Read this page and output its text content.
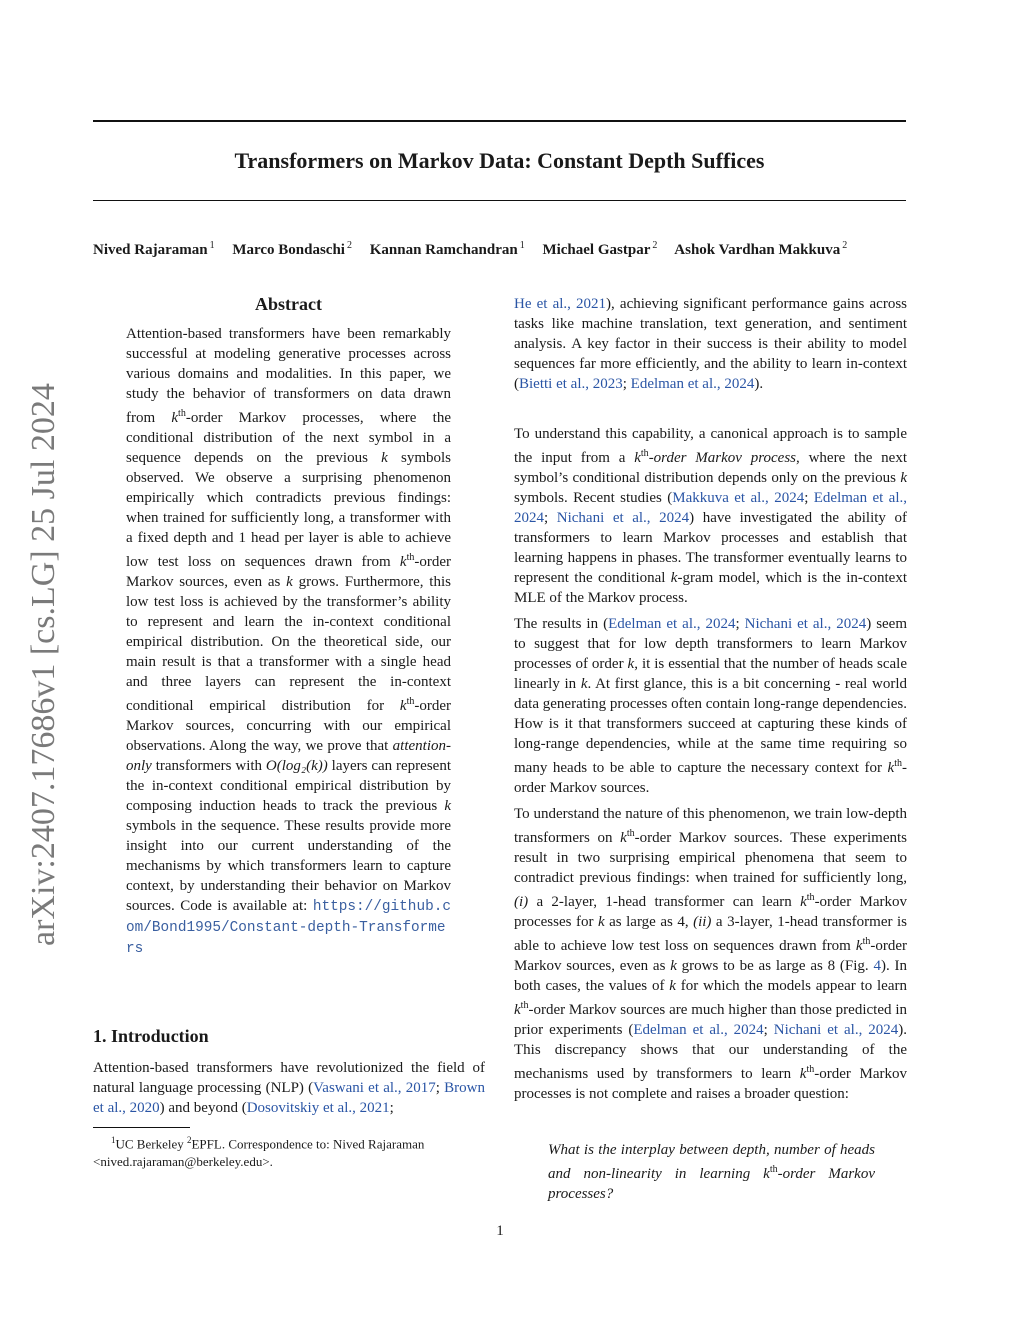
Transformers on Markov Data: Constant Depth Suffices
Nived Rajaraman $^1$ Marco Bondaschi $^2$ Kannan Ramchandran $^1$ Michael Gastpar $^2$ Ashok Vardhan Makkuva $^2$
arXiv:2407.17686v1 [cs.LG] 25 Jul 2024
Abstract

Attention-based transformers have been remarkably successful at modeling generative processes across various domains and modalities. In this paper, we study the behavior of transformers on data drawn from $k^{th}$-order Markov processes, where the conditional distribution of the next symbol in a sequence depends on the previous k symbols observed. We observe a surprising phenomenon empirically which contradicts previous findings: when trained for sufficiently long, a transformer with a fixed depth and 1 head per layer is able to achieve low test loss on sequences drawn from $k^{th}$-order Markov sources, even as k grows. Furthermore, this low test loss is achieved by the transformer’s ability to represent and learn the in-context conditional empirical distribution. On the theoretical side, our main result is that a transformer with a single head and three layers can represent the in-context conditional empirical distribution for $k^{th}$-order Markov sources, concurring with our empirical observations. Along the way, we prove that attention-only transformers with O(log₂(k)) layers can represent the in-context conditional empirical distribution by composing induction heads to track the previous k symbols in the sequence. These results provide more insight into our current understanding of the mechanisms by which transformers learn to capture context, by understanding their behavior on Markov sources. Code is available at: https://github.com/Bond1995/Constant-depth-Transformers

1. Introduction

Attention-based transformers have revolutionized the field of natural language processing (NLP) (Vaswani et al., 2017; Brown et al., 2020) and beyond (Dosovitskiy et al., 2021;

$^1$UC Berkeley $^2$EPFL. Correspondence to: Nived Rajaraman <nived.rajaraman@berkeley.edu>.

He et al., 2021), achieving significant performance gains across tasks like machine translation, text generation, and sentiment analysis. A key factor in their success is their ability to model sequences far more efficiently, and the ability to learn in-context (Bietti et al., 2023; Edelman et al., 2024).

To understand this capability, a canonical approach is to sample the input from a $k^{th}$-order Markov process, where the next symbol’s conditional distribution depends only on the previous k symbols. Recent studies (Makkuva et al., 2024; Edelman et al., 2024; Nichani et al., 2024) have investigated the ability of transformers to learn Markov processes and establish that learning happens in phases. The transformer eventually learns to represent the conditional k-gram model, which is the in-context MLE of the Markov process.

The results in (Edelman et al., 2024; Nichani et al., 2024) seem to suggest that for low depth transformers to learn Markov processes of order k, it is essential that the number of heads scale linearly in k. At first glance, this is a bit concerning - real world data generating processes often contain long-range dependencies. How is it that transformers succeed at capturing these kinds of long-range dependencies, while at the same time requiring so many heads to be able to capture the necessary context for $k^{th}$-order Markov sources.

To understand the nature of this phenomenon, we train low-depth transformers on $k^{th}$-order Markov sources. These experiments result in two surprising empirical phenomena that seem to contradict previous findings: when trained for sufficiently long, (i) a 2-layer, 1-head transformer can learn $k^{th}$-order Markov processes for k as large as 4, (ii) a 3-layer, 1-head transformer is able to achieve low test loss on sequences drawn from $k^{th}$-order Markov sources, even as k grows to be as large as 8 (Fig. 4). In both cases, the values of k for which the models appear to learn $k^{th}$-order Markov sources are much higher than those predicted in prior experiments (Edelman et al., 2024; Nichani et al., 2024). This discrepancy shows that our understanding of the mechanisms used by transformers to learn $k^{th}$-order Markov processes is not complete and raises a broader question:

What is the interplay between depth, number of heads and non-linearity in learning $k^{th}$-order Markov processes?

1
